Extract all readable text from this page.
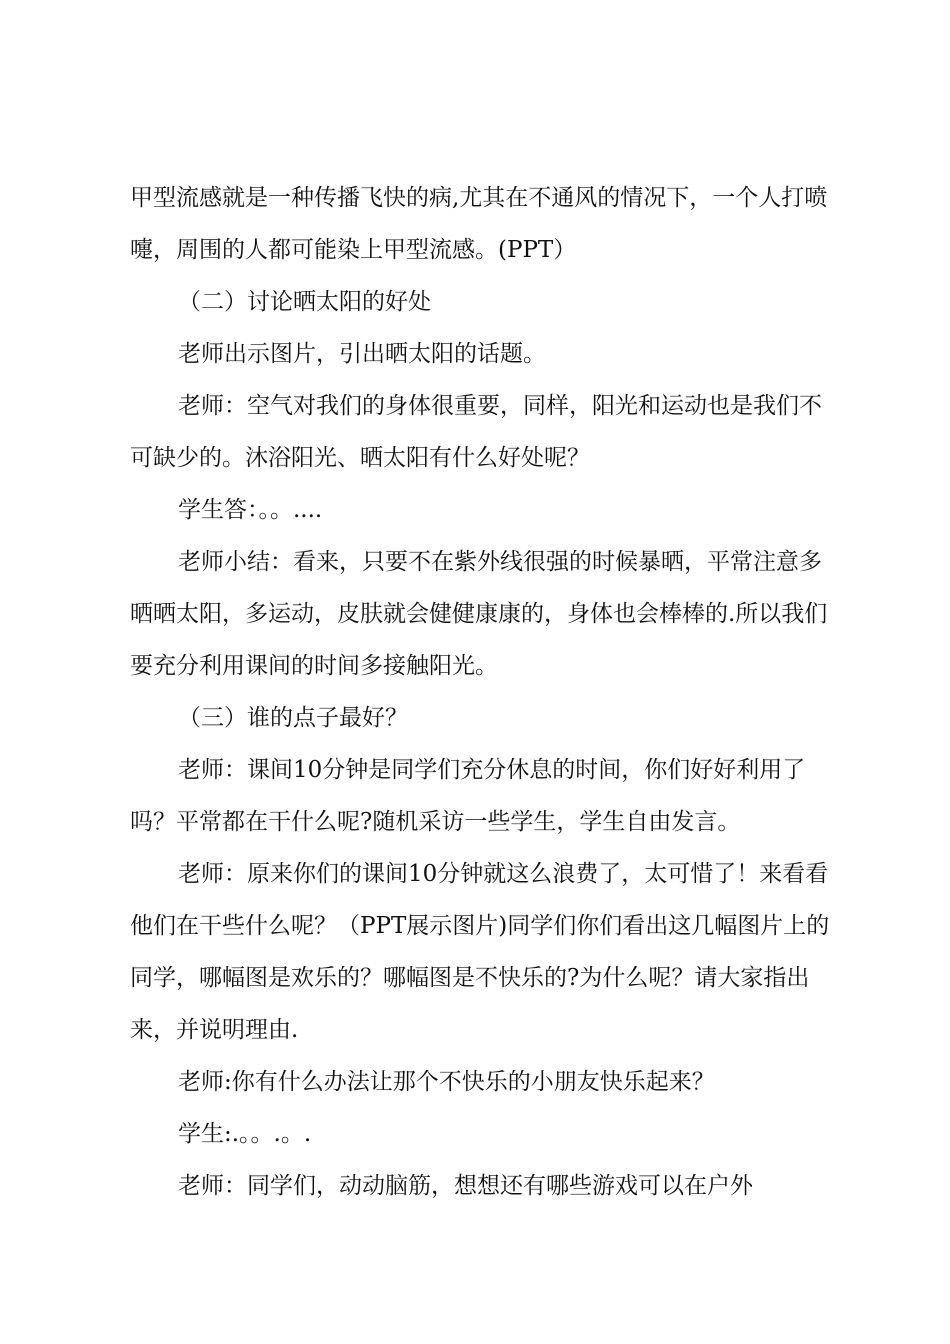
甲型流感就是一种传播飞快的病,尤其在不通风的情况下，一个人打喷嚏，周围的人都可能染上甲型流感。(PPT）

（二）讨论晒太阳的好处

老师出示图片，引出晒太阳的话题。

老师：空气对我们的身体很重要，同样，阳光和运动也是我们不可缺少的。沐浴阳光、晒太阳有什么好处呢？

学生答：。。....

老师小结：看来，只要不在紫外线很强的时候暴晒，平常注意多晒晒太阳，多运动，皮肤就会健健康康的，身体也会棒棒的.所以我们要充分利用课间的时间多接触阳光。

（三）谁的点子最好？

老师：课间10分钟是同学们充分休息的时间，你们好好利用了吗？平常都在干什么呢?随机采访一些学生，学生自由发言。

老师：原来你们的课间10分钟就这么浪费了，太可惜了！来看看他们在干些什么呢？（PPT展示图片)同学们你们看出这几幅图片上的同学，哪幅图是欢乐的？哪幅图是不快乐的?为什么呢？请大家指出来，并说明理由.

老师:你有什么办法让那个不快乐的小朋友快乐起来？

学生:.。。.。.

老师：同学们，动动脑筋，想想还有哪些游戏可以在户外
